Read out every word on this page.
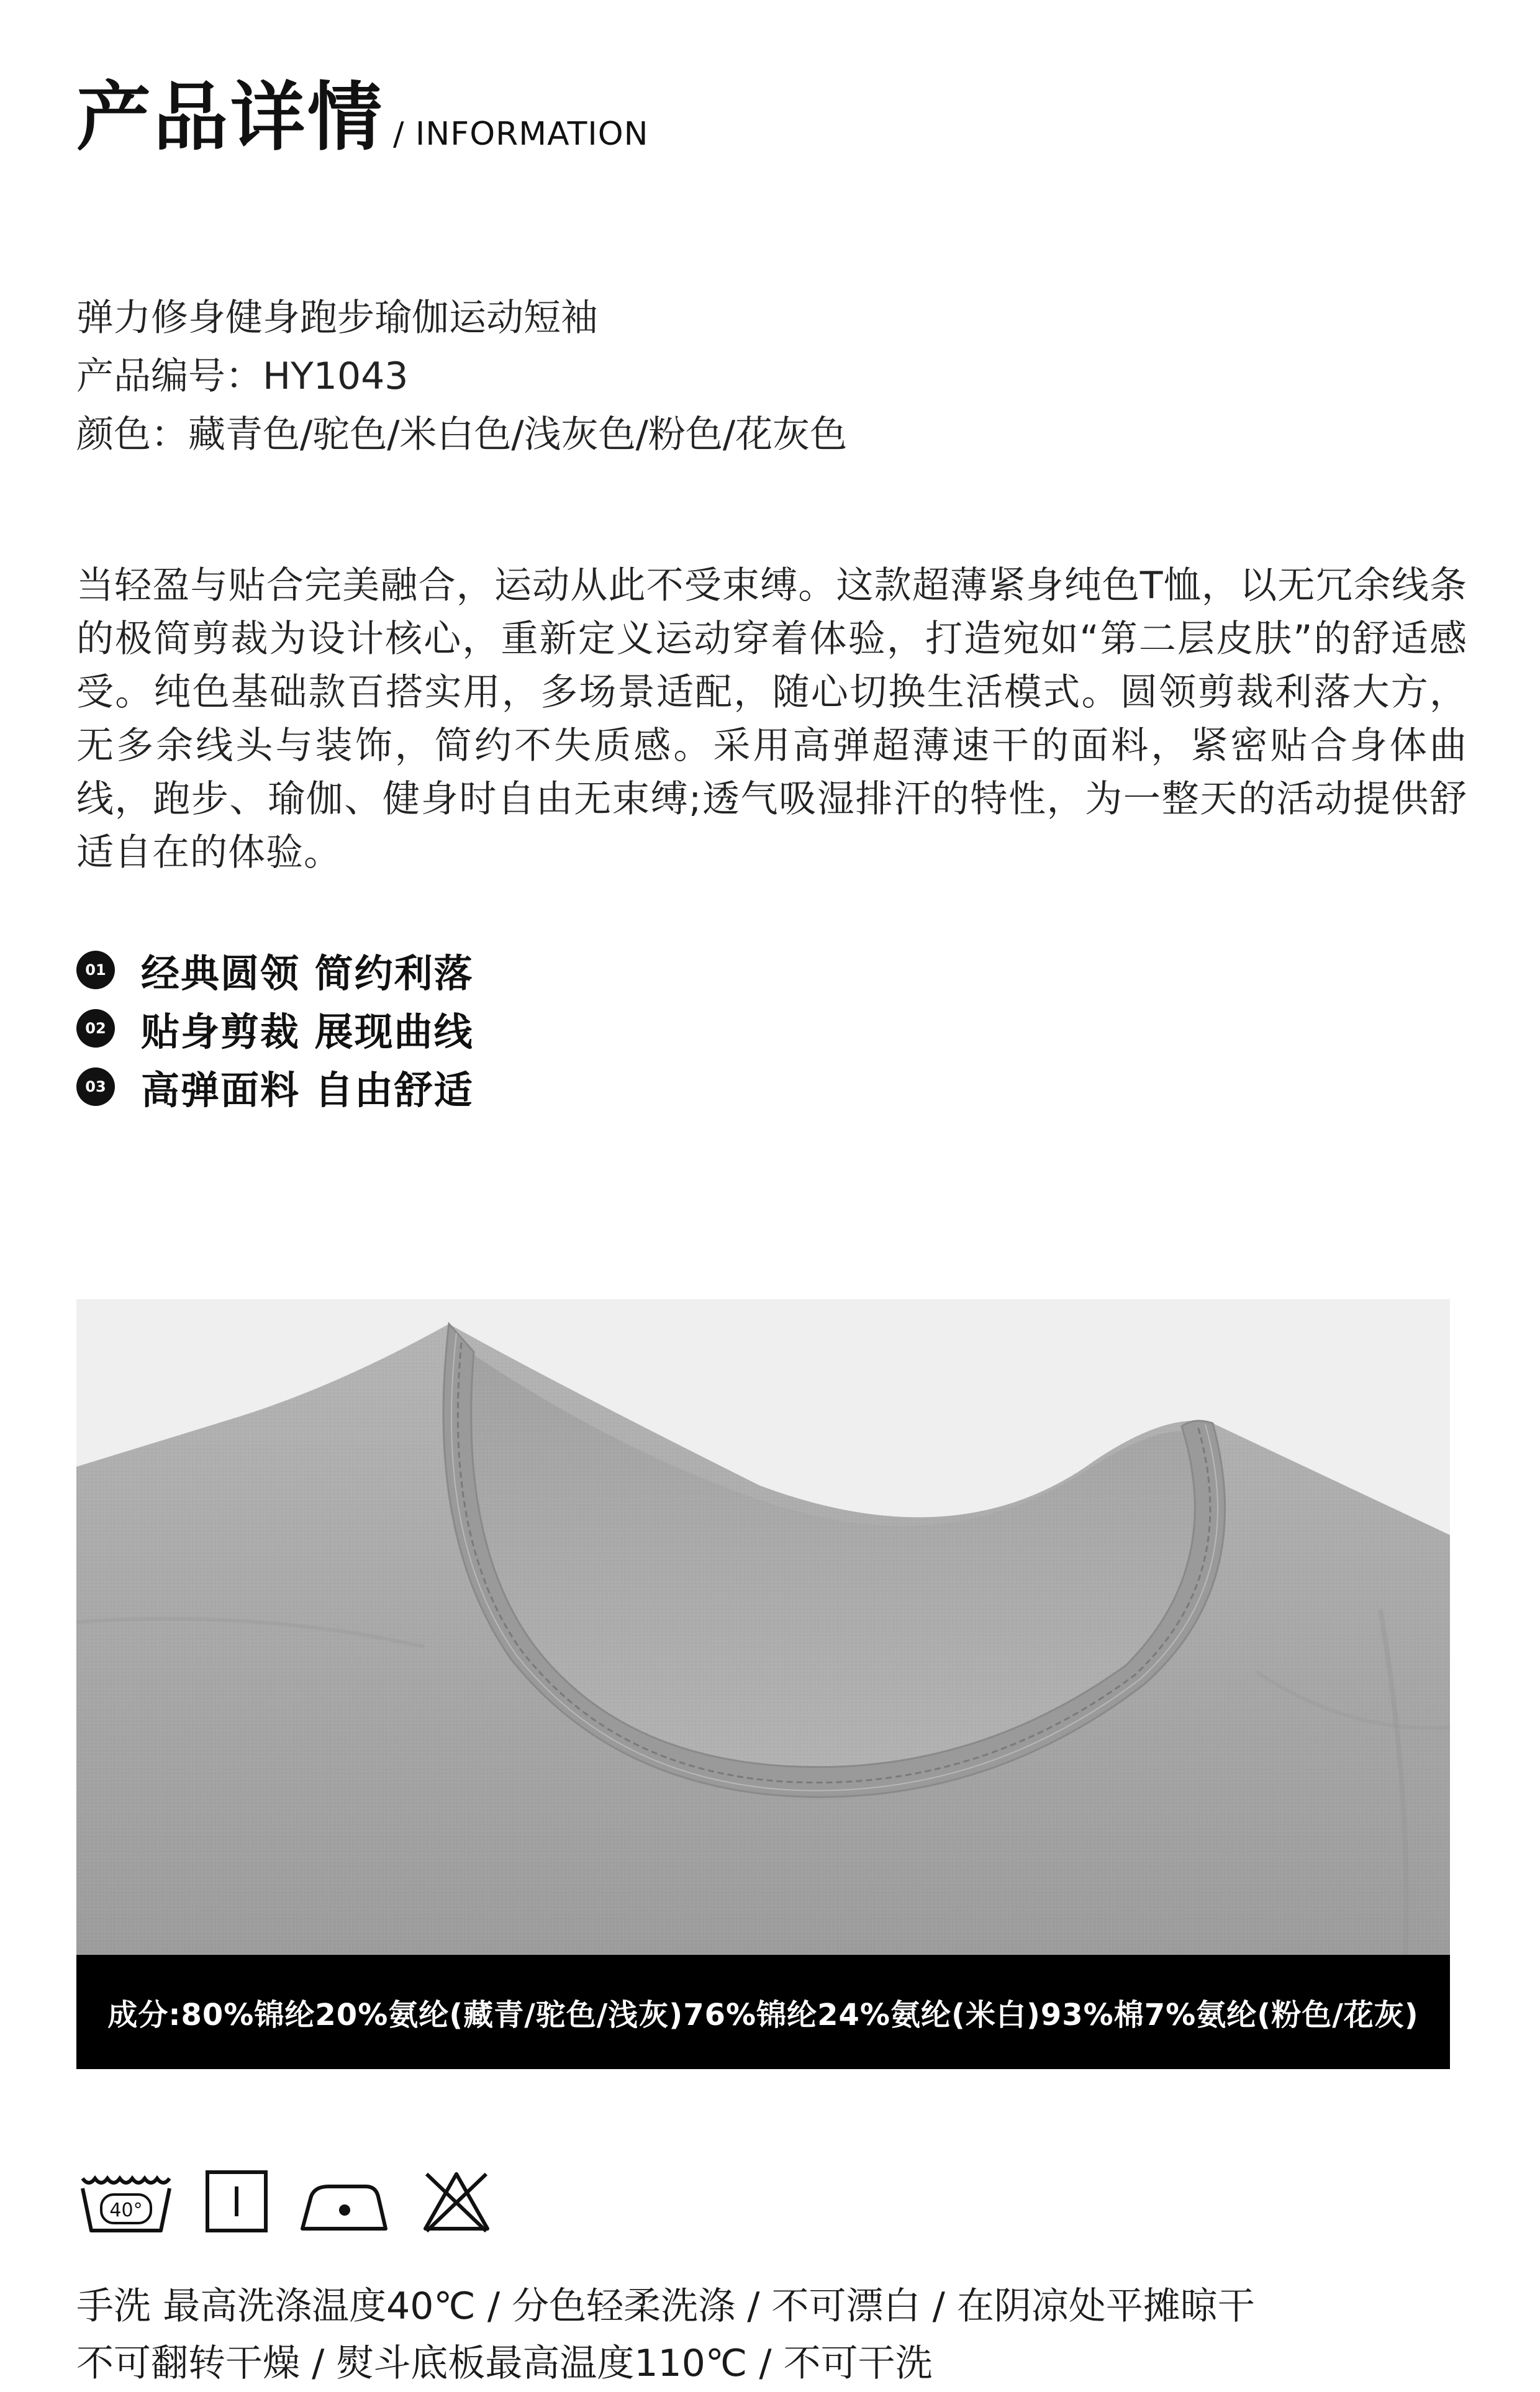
产品详情 / INFORMATION
弹力修身健身跑步瑜伽运动短袖
产品编号：HY1043
颜色：藏青色/驼色/米白色/浅灰色/粉色/花灰色
当轻盈与贴合完美融合，运动从此不受束缚。这款超薄紧身纯色T恤，以无冗余线条的极简剪裁为设计核心，重新定义运动穿着体验，打造宛如“第二层皮肤”的舒适感受。纯色基础款百搭实用，多场景适配，随心切换生活模式。圆领剪裁利落大方，无多余线头与装饰，简约不失质感。采用高弹超薄速干的面料，紧密贴合身体曲线，跑步、瑜伽、健身时自由无束缚;透气吸湿排汗的特性，为一整天的活动提供舒适自在的体验。
01 经典圆领 简约利落
02 贴身剪裁 展现曲线
03 高弹面料 自由舒适
成分:80%锦纶20%氨纶(藏青/驼色/浅灰)76%锦纶24%氨纶(米白)93%棉7%氨纶(粉色/花灰)
40°
手洗 最高洗涤温度40℃ / 分色轻柔洗涤 / 不可漂白 / 在阴凉处平摊晾干
不可翻转干燥 / 熨斗底板最高温度110℃ / 不可干洗
